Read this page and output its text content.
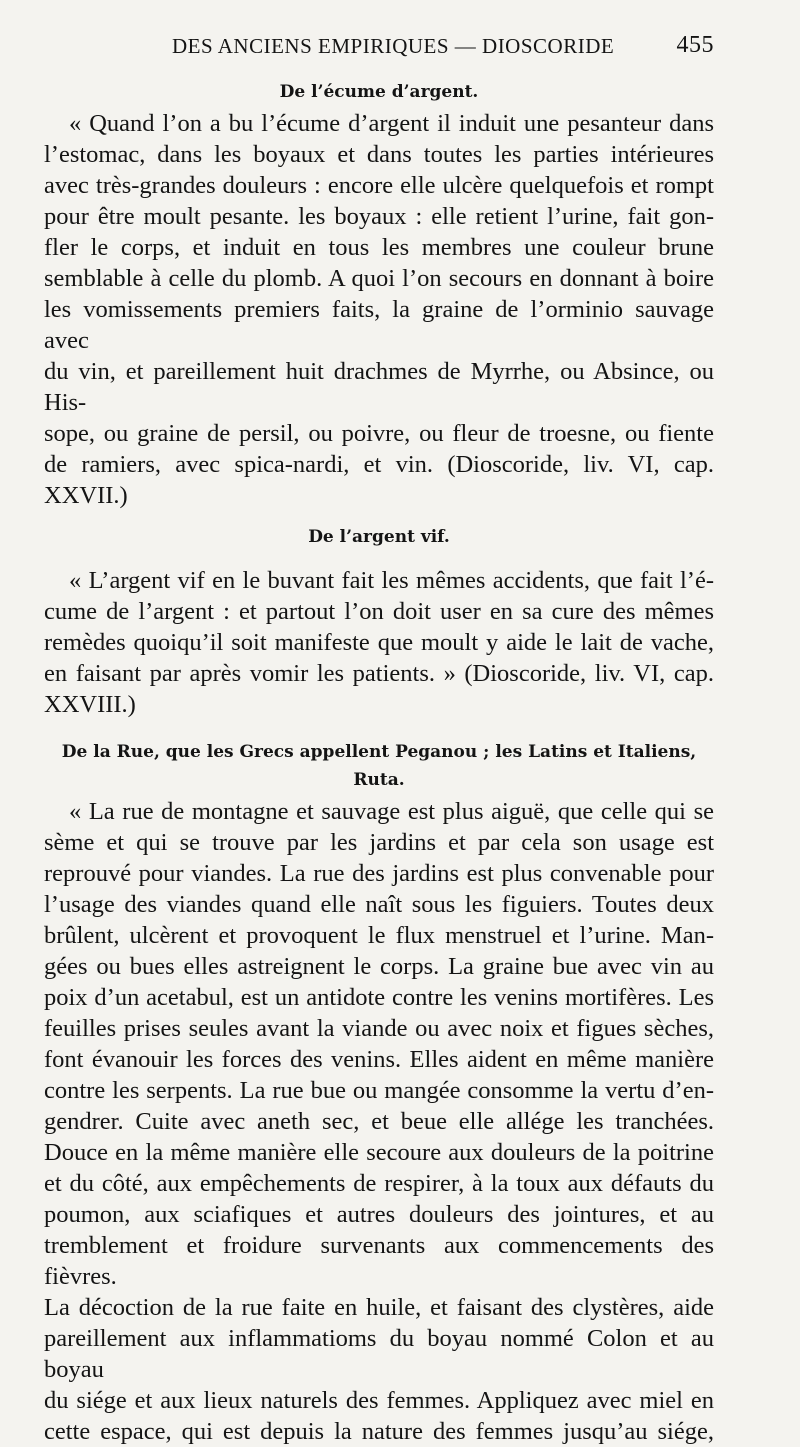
DES ANCIENS EMPIRIQUES — DIOSCORIDE	455

De l’écume d’argent.

« Quand l’on a bu l’écume d’argent il induit une pesanteur dans
l’estomac, dans les boyaux et dans toutes les parties intérieures
avec très-grandes douleurs : encore elle ulcère quelquefois et rompt
pour être moult pesante. les boyaux : elle retient l’urine, fait gon-
fler le corps, et induit en tous les membres une couleur brune
semblable à celle du plomb. A quoi l’on secours en donnant à boire
les vomissements premiers faits, la graine de l’orminio sauvage avec
du vin, et pareillement huit drachmes de Myrrhe, ou Absince, ou His-
sope, ou graine de persil, ou poivre, ou fleur de troesne, ou fiente
de ramiers, avec spica-nardi, et vin. (Dioscoride, liv. VI, cap. XXVII.)

De l’argent vif.

« L’argent vif en le buvant fait les mêmes accidents, que fait l’é-
cume de l’argent : et partout l’on doit user en sa cure des mêmes
remèdes quoiqu’il soit manifeste que moult y aide le lait de vache,
en faisant par après vomir les patients. » (Dioscoride, liv. VI, cap.
XXVIII.)

De la Rue, que les Grecs appellent Peganou ; les Latins et Italiens,

Ruta.

« La rue de montagne et sauvage est plus aiguë, que celle qui se
sème et qui se trouve par les jardins et par cela son usage est
reprouvé pour viandes. La rue des jardins est plus convenable pour
l’usage des viandes quand elle naît sous les figuiers. Toutes deux
brûlent, ulcèrent et provoquent le flux menstruel et l’urine. Man-
gées ou bues elles astreignent le corps. La graine bue avec vin au
poix d’un acetabul, est un antidote contre les venins mortifères. Les
feuilles prises seules avant la viande ou avec noix et figues sèches,
font évanouir les forces des venins. Elles aident en même manière
contre les serpents. La rue bue ou mangée consomme la vertu d’en-
gendrer. Cuite avec aneth sec, et beue elle allége les tranchées.
Douce en la même manière elle secoure aux douleurs de la poitrine
et du côté, aux empêchements de respirer, à la toux aux défauts du
poumon, aux sciafiques et autres douleurs des jointures, et au
tremblement et froidure survenants aux commencements des fièvres.
La décoction de la rue faite en huile, et faisant des clystères, aide
pareillement aux inflammatioms du boyau nommé Colon et au boyau
du siége et aux lieux naturels des femmes. Appliquez avec miel en
cette espace, qui est depuis la nature des femmes jusqu’au siége,
